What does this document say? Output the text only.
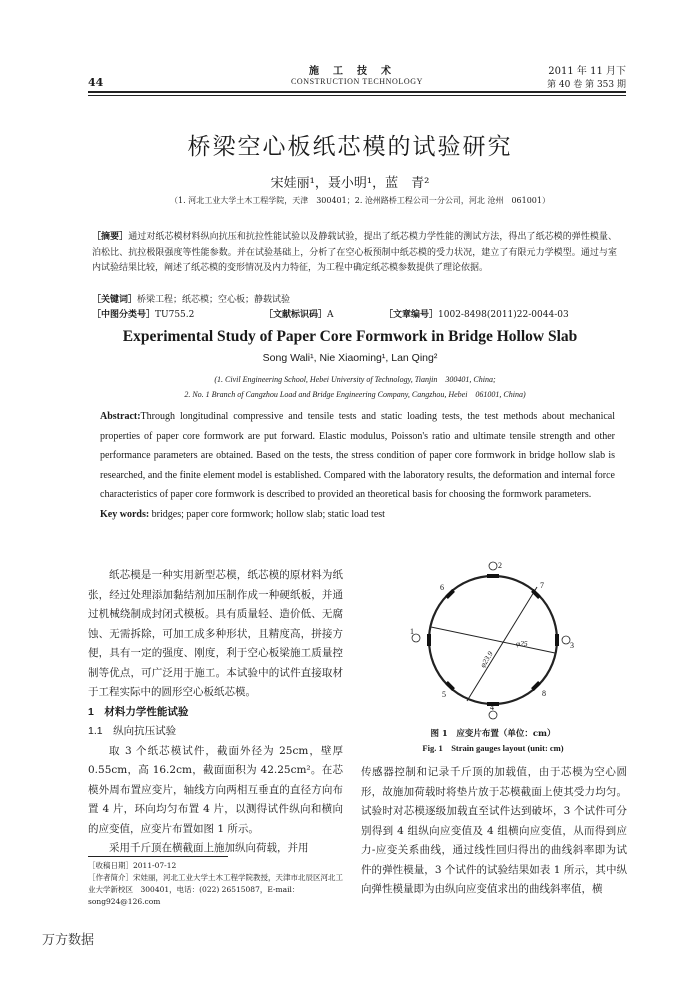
施工技术
CONSTRUCTION TECHNOLOGY
44
2011 年 11 月下
第 40 卷 第 353 期
桥梁空心板纸芯模的试验研究
宋娃丽¹，聂小明¹，蓝　青²
（1. 河北工业大学土木工程学院，天津　300401；2. 沧州路桥工程公司一分公司，河北 沧州　061001）

［摘要］通过对纸芯模材料纵向抗压和抗拉性能试验以及静载试验，提出了纸芯模力学性能的测试方法，得出了纸芯模的弹性模量、泊松比、抗拉极限强度等性能参数。并在试验基础上，分析了在空心板预制中纸芯模的受力状况，建立了有限元力学模型。通过与室内试验结果比较，阐述了纸芯模的变形情况及内力特征，为工程中确定纸芯模参数提供了理论依据。

［关键词］桥梁工程；纸芯模；空心板；静载试验

［中图分类号］TU755.2	［文献标识码］A	［文章编号］1002-8498(2011)22-0044-03
Experimental Study of Paper Core Formwork in Bridge Hollow Slab
Song Wali¹, Nie Xiaoming¹, Lan Qing²
(1. Civil Engineering School, Hebei University of Technology, Tianjin　300401, China;
2. No. 1 Branch of Cangzhou Load and Bridge Engineering Company, Cangzhou, Hebei　061001, China)
Abstract:Through longitudinal compressive and tensile tests and static loading tests, the test methods about mechanical properties of paper core formwork are put forward. Elastic modulus, Poisson's ratio and ultimate tensile strength and other performance parameters are obtained. Based on the tests, the stress condition of paper core formwork in bridge hollow slab is researched, and the finite element model is established. Compared with the laboratory results, the deformation and internal force characteristics of paper core formwork is described to provided an theoretical basis for choosing the formwork parameters.
Key words: bridges; paper core formwork; hollow slab; static load test

纸芯模是一种实用新型芯模，纸芯模的原材料为纸张，经过处理添加黏结剂加压制作成一种硬纸板，并通过机械绕制成封闭式模板。具有质量轻、造价低、无腐蚀、无需拆除，可加工成多种形状，且精度高，拼接方便，具有一定的强度、刚度，利于空心板梁施工质量控制等优点，可广泛用于施工。本试验中的试件直接取材于工程实际中的圆形空心板纸芯模。

1　材料力学性能试验
1.1　纵向抗压试验

取 3 个纸芯模试件，截面外径为 25cm，壁厚 0.55cm，高 16.2cm，截面面积为 42.25cm²。在芯模外周布置应变片，轴线方向两相互垂直的直径方向布置 4 片，环向均匀布置 4 片，以测得试件纵向和横向的应变值，应变片布置如图 1 所示。

采用千斤顶在横截面上施加纵向荷载，并用

1
2
3
4
5
6	7
8
φ25
φ23.9
图 1　应变片布置（单位：cm）
Fig. 1　Strain gauges layout (unit: cm)

传感器控制和记录千斤顶的加载值，由于芯模为空心圆形，故施加荷载时将垫片放于芯模截面上使其受力均匀。试验时对芯模逐级加载直至试件达到破坏，3 个试件可分别得到 4 组纵向应变值及 4 组横向应变值，从而得到应力-应变关系曲线，通过线性回归得出的曲线斜率即为试件的弹性模量，3 个试件的试验结果如表 1 所示，其中纵向弹性模量即为由纵向应变值求出的曲线斜率值，横

［收稿日期］2011-07-12

［作者简介］宋娃丽，河北工业大学土木工程学院教授，天津市北辰区河北工业大学新校区　300401，电话：(022) 26515087，E-mail：song924@126.com

万方数据
